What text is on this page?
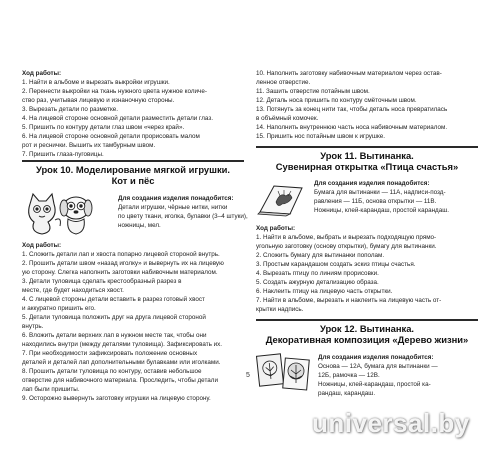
Ход работы:

1. Найти в альбоме и вырезать выкройки игрушки.

2. Перенести выкройки на ткань нужного цвета нужное количе-

ство раз, учитывая лицевую и изнаночную стороны.

3. Вырезать детали по разметке.

4. На лицевой стороне основной детали разместить детали глаз.

5. Пришить по контуру детали глаз швом «через край».

6. На лицевой стороне основной детали прорисовать малом

рот и реснички. Вышить их тамбурным швом.

7. Пришить глаза-пуговицы.

Урок 10. Моделирование мягкой игрушки.

Кот и пёс

Для создания изделия понадобится:

Детали игрушки, чёрные нитки, нитки

по цвету ткани, иголка, булавки (3–4 штуки),

ножницы, мел.

Ход работы:

1. Сложить детали лап и хвоста попарно лицевой стороной внутрь.

2. Прошить детали швом «назад иголку» и вывернуть их на лицевую

ую сторону. Слегка наполнить заготовки набивочным материалом.

3. Детали туловища сделать крестообразный разрез в

месте, где будет находиться хвост.

4. С лицевой стороны детали вставить в разрез готовый хвост

и аккуратно пришить его.

5. Детали туловища положить друг на друга лицевой стороной

внутрь.

6. Вложить детали верхних лап в нужном месте так, чтобы они

находились внутри (между деталями туловища). Зафиксировать их.

7. При необходимости зафиксировать положение основных

деталей и деталей лап дополнительными булавками или иголками.

8. Прошить детали туловища по контуру, оставив небольшое

отверстие для набивочного материала. Проследить, чтобы детали

лап были пришиты.

9. Осторожно вывернуть заготовку игрушки на лицевую сторону.

5

10. Наполнить заготовку набивочным материалом через остав-

ленное отверстие.

11. Зашить отверстие потайным швом.

12. Деталь носа пришить по контуру смёточным швом.

13. Потянуть за конец нити так, чтобы деталь носа превратилась

в объёмный комочек.

14. Наполнить внутреннюю часть носа набивочным материалом.

15. Пришить нос потайным швом к игрушке.

Урок 11. Вытинанка.

Сувенирная открытка «Птица счастья»

Для создания изделия понадобится:

Бумага для вытинанки — 11А, надписи-позд-

равления — 11Б, основа открытки — 11В.

Ножницы, клей-карандаш, простой карандаш.

Ход работы:

1. Найти в альбоме, выбрать и вырезать подходящую прямо-

угольную заготовку (основу открытки), бумагу для вытинанки.

2. Сложить бумагу для вытинанки пополам.

3. Простым карандашом создать эскиз птицы счастья.

4. Вырезать птицу по линиям прорисовки.

5. Создать ажурную детализацию образа.

6. Наклеить птицу на лицевую часть открытки.

7. Найти в альбоме, вырезать и наклеить на лицевую часть от-

крытки надпись.

Урок 12. Вытинанка.

Декоративная композиция «Дерево жизни»

Для создания изделия понадобится:

Основа — 12А, бумага для вытинанки —

12Б, рамочка — 12В.

Ножницы, клей-карандаш, простой ка-

рандаш, карандаш.

universal.by
